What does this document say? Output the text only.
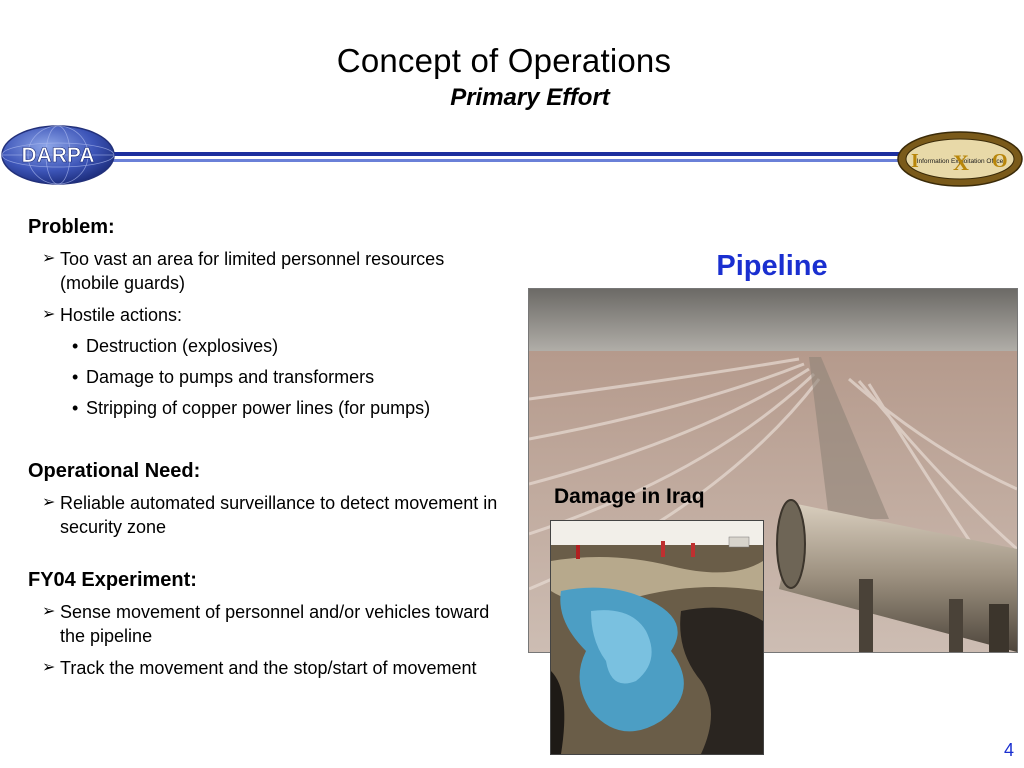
Concept of Operations
Primary Effort
DARPA	Information Exploitation Office
I X O
Problem:
➢ Too vast an area for limited personnel resources (mobile guards)
➢ Hostile actions:
• Destruction (explosives)
• Damage to pumps and transformers
• Stripping of copper power lines (for pumps)
Operational Need:
➢ Reliable automated surveillance to detect movement in security zone
FY04 Experiment:
➢ Sense movement of personnel and/or vehicles toward the pipeline
➢ Track the movement and the stop/start of movement
Pipeline
Damage in Iraq
4
